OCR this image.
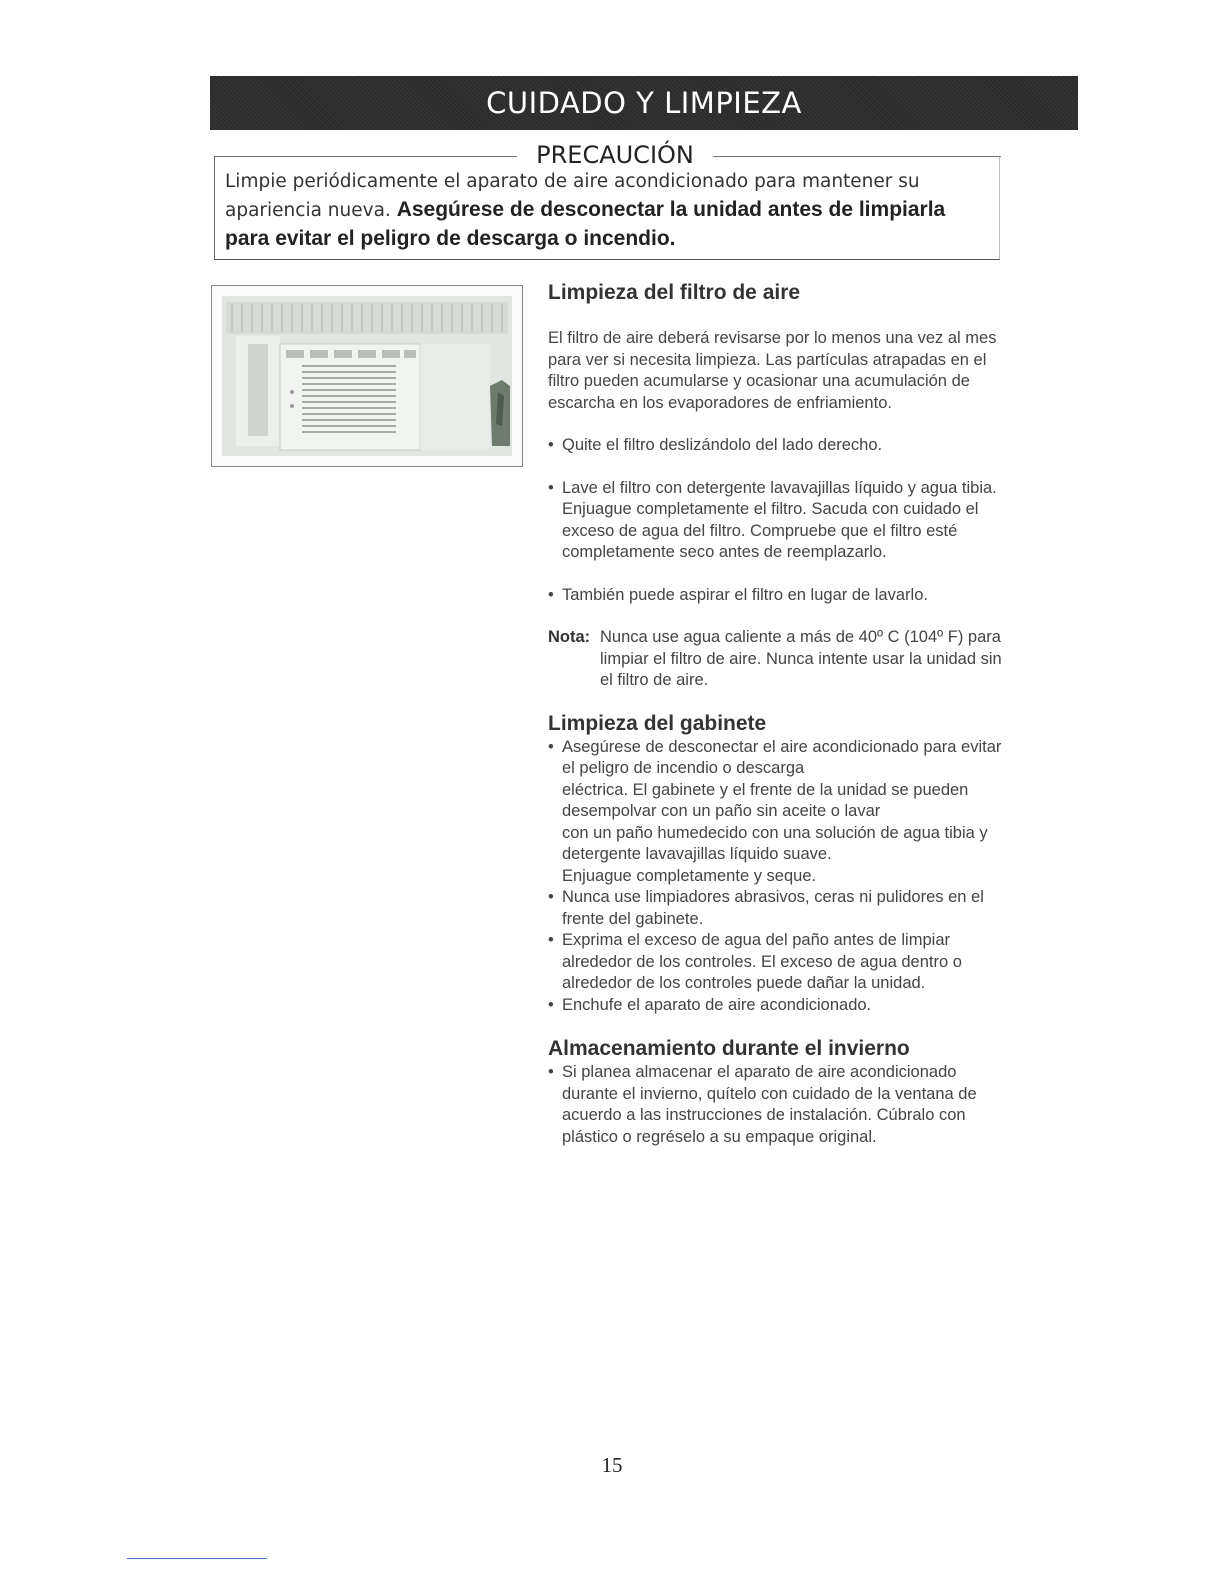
CUIDADO Y LIMPIEZA
PRECAUCIÓN
Limpie periódicamente el aparato de aire acondicionado para mantener su apariencia nueva. Asegúrese de desconectar la unidad antes de limpiarla para evitar el peligro de descarga o incendio.
Limpieza del filtro de aire
El filtro de aire deberá revisarse por lo menos una vez al mes
para ver si necesita limpieza. Las partículas atrapadas en el
filtro pueden acumularse y ocasionar una acumulación de
escarcha en los evaporadores de enfriamiento.
• Quite el filtro deslizándolo del lado derecho.
• Lave el filtro con detergente lavavajillas líquido y agua tibia.
Enjuague completamente el filtro. Sacuda con cuidado el
exceso de agua del filtro. Compruebe que el filtro esté
completamente seco antes de reemplazarlo.
• También puede aspirar el filtro en lugar de lavarlo.
Nota: Nunca use agua caliente a más de 40º C (104º F) para
limpiar el filtro de aire. Nunca intente usar la unidad sin
el filtro de aire.
Limpieza del gabinete
• Asegúrese de desconectar el aire acondicionado para evitar
el peligro de incendio o descarga
eléctrica. El gabinete y el frente de la unidad se pueden
desempolvar con un paño sin aceite o lavar
con un paño humedecido con una solución de agua tibia y
detergente lavavajillas líquido suave.
Enjuague completamente y seque.
• Nunca use limpiadores abrasivos, ceras ni pulidores en el
frente del gabinete.
• Exprima el exceso de agua del paño antes de limpiar
alrededor de los controles. El exceso de agua dentro o
alrededor de los controles puede dañar la unidad.
• Enchufe el aparato de aire acondicionado.
Almacenamiento durante el invierno
• Si planea almacenar el aparato de aire acondicionado
durante el invierno, quítelo con cuidado de la ventana de
acuerdo a las instrucciones de instalación. Cúbralo con
plástico o regréselo a su empaque original.
15
